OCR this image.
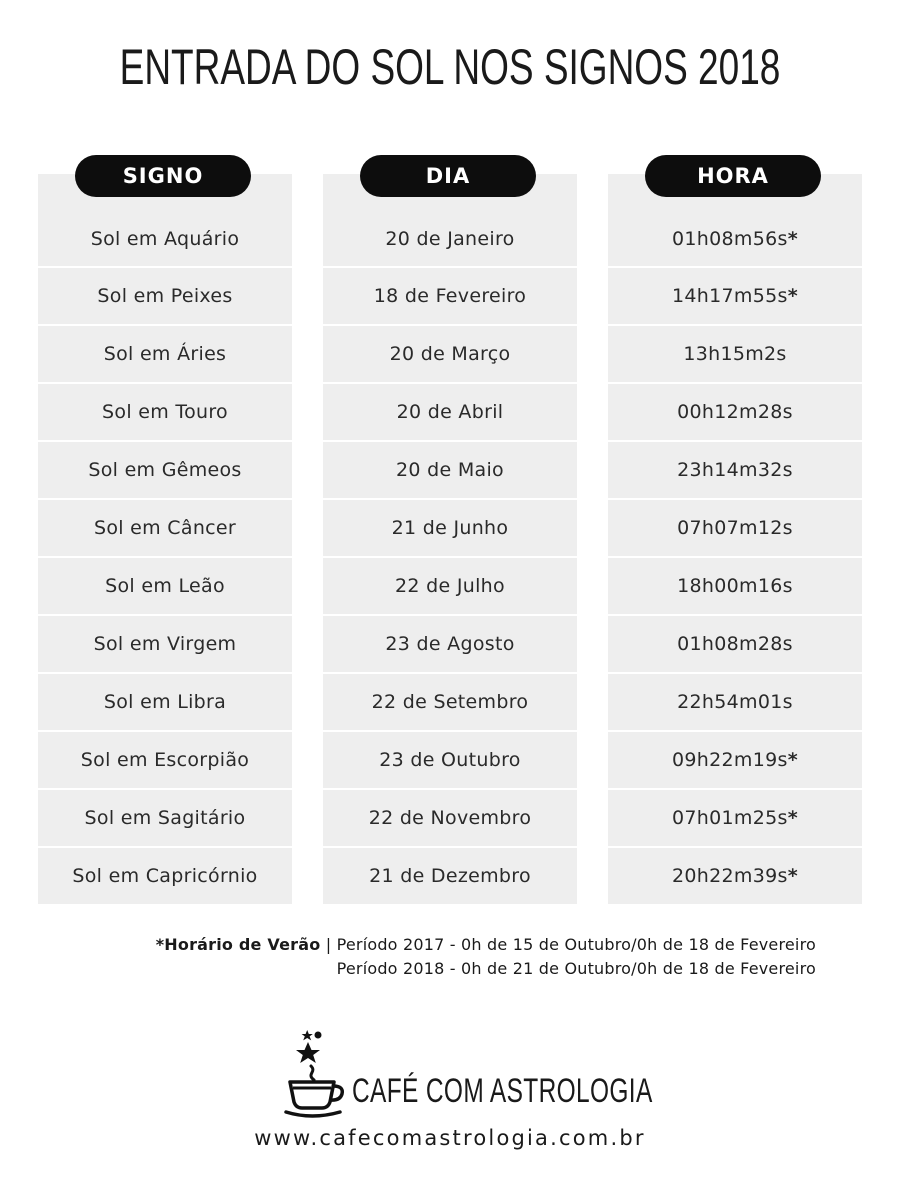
ENTRADA DO SOL NOS SIGNOS 2018
SIGNO
Sol em Aquário
Sol em Peixes
Sol em Áries
Sol em Touro
Sol em Gêmeos
Sol em Câncer
Sol em Leão
Sol em Virgem
Sol em Libra
Sol em Escorpião
Sol em Sagitário
Sol em Capricórnio
DIA
20 de Janeiro
18 de Fevereiro
20 de Março
20 de Abril
20 de Maio
21 de Junho
22 de Julho
23 de Agosto
22 de Setembro
23 de Outubro
22 de Novembro
21 de Dezembro
HORA
01h08m56s *
14h17m55s *
13h15m2s
00h12m28s
23h14m32s
07h07m12s
18h00m16s
01h08m28s
22h54m01s
09h22m19s *
07h01m25s *
20h22m39s *
*Horário de Verão | Período 2017 - 0h de 15 de Outubro/0h de 18 de Fevereiro
Período 2018 - 0h de 21 de Outubro/0h de 18 de Fevereiro
CAFÉ COM ASTROLOGIA
www.cafecomastrologia.com.br
